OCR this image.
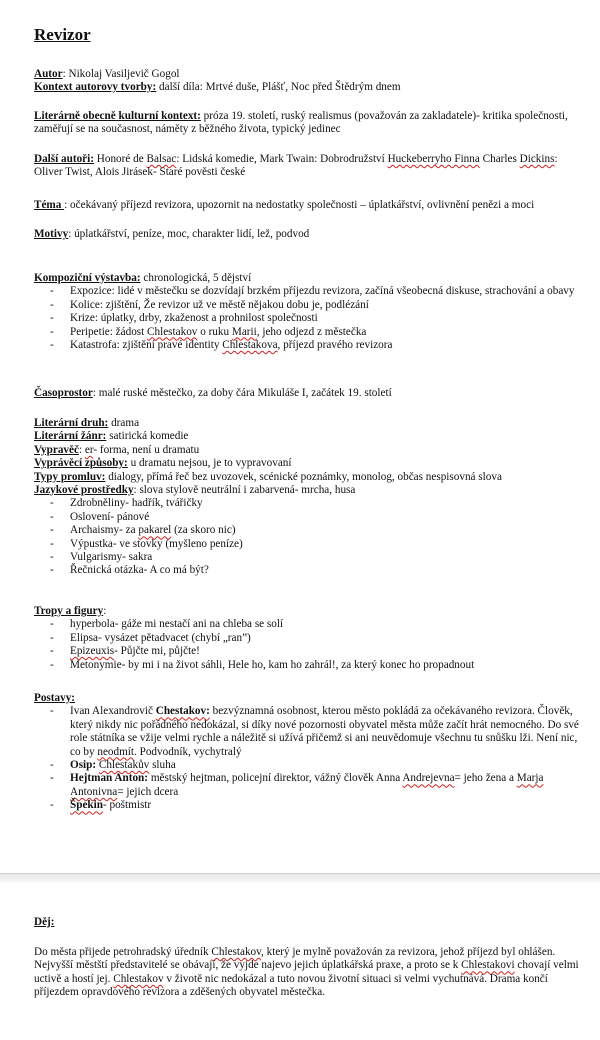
Revizor

Autor: Nikolaj Vasiljevič Gogol

Kontext autorovy tvorby: další díla: Mrtvé duše, Plášť, Noc před Štědrým dnem

Literárně obecně kulturní kontext: próza 19. století, ruský realismus (považován za zakladatele)- kritika společnosti, zaměřují se na současnost, náměty z běžného života, typický jedinec

Další autoři: Honoré de Balsac: Lidská komedie, Mark Twain: Dobrodružství Huckeberryho Finna Charles Dickins: Oliver Twist, Alois Jirásek- Staré pověsti české

Téma : očekávaný příjezd revizora, upozornit na nedostatky společnosti – úplatkářství, ovlivnění penězi a moci

Motivy: úplatkářství, peníze, moc, charakter lidí, lež, podvod

Kompoziční výstavba: chronologická, 5 dějství

- Expozice: lidé v městečku se dozvídají brzkém příjezdu revizora, začíná všeobecná diskuse, strachování a obavy
- Kolice: zjištění, Že revizor už ve městě nějakou dobu je, podlézání
- Krize: úplatky, drby, zkaženost a prohnilost společnosti
- Peripetie: žádost Chlestakov o ruku Marii, jeho odjezd z městečka
- Katastrofa: zjištění pravé identity Chlestakova, příjezd pravého revizora

Časoprostor: malé ruské městečko, za doby čára Mikuláše I, začátek 19. století

Literární druh: drama

Literární žánr: satirická komedie

Vypravěč: er- forma, není u dramatu

Vyprávěcí způsoby: u dramatu nejsou, je to vypravovaní

Typy promluv: dialogy, přímá řeč bez uvozovek, scénické poznámky, monolog, občas nespisovná slova

Jazykové prostředky: slova stylově neutrální i zabarvená- mrcha, husa

- Zdrobněliny- hadřík, tvářičky
- Oslovení- pánové
- Archaismy- za pakarel (za skoro nic)
- Výpustka- ve stovky (myšleno peníze)
- Vulgarismy- sakra
- Řečnická otázka- A co má být?

Tropy a figury:

- hyperbola- gáže mi nestačí ani na chleba se solí
- Elipsa- vysázet pětadvacet (chybí „ran”)
- Epizeuxis- Půjčte mi, půjčte!
- Metonymie- by mi i na život sáhli, Hele ho, kam ho zahrál!, za který konec ho propadnout

Postavy:

- Ivan Alexandrovič Chestakov: bezvýznamná osobnost, kterou město pokládá za očekávaného revizora. Člověk, který nikdy nic pořádného nedokázal, si díky nové pozornosti obyvatel města může začít hrát nemocného. Do své role státníka se vžije velmi rychle a náležitě si užívá přičemž si ani neuvědomuje všechnu tu snůšku lži. Není nic, co by neodmít. Podvodník, vychytralý
- Osip: Chlestakův sluha
- Hejtman Anton: městský hejtman, policejní direktor, vážný člověk Anna Andrejevna= jeho žena a Marja Antonivna= jejich dcera
- Špekin- poštmistr

Děj:

Do města přijede petrohradský úředník Chlestakov, který je mylně považován za revizora, jehož příjezd byl ohlášen. Nejvyšší městští představitelé se obávají, že vyjde najevo jejich úplatkářská praxe, a proto se k Chlestakovi chovají velmi uctivě a hostí jej. Chlestakov v životě nic nedokázal a tuto novou životní situaci si velmi vychutnává. Drama končí příjezdem opravdového revizora a zděšených obyvatel městečka.
